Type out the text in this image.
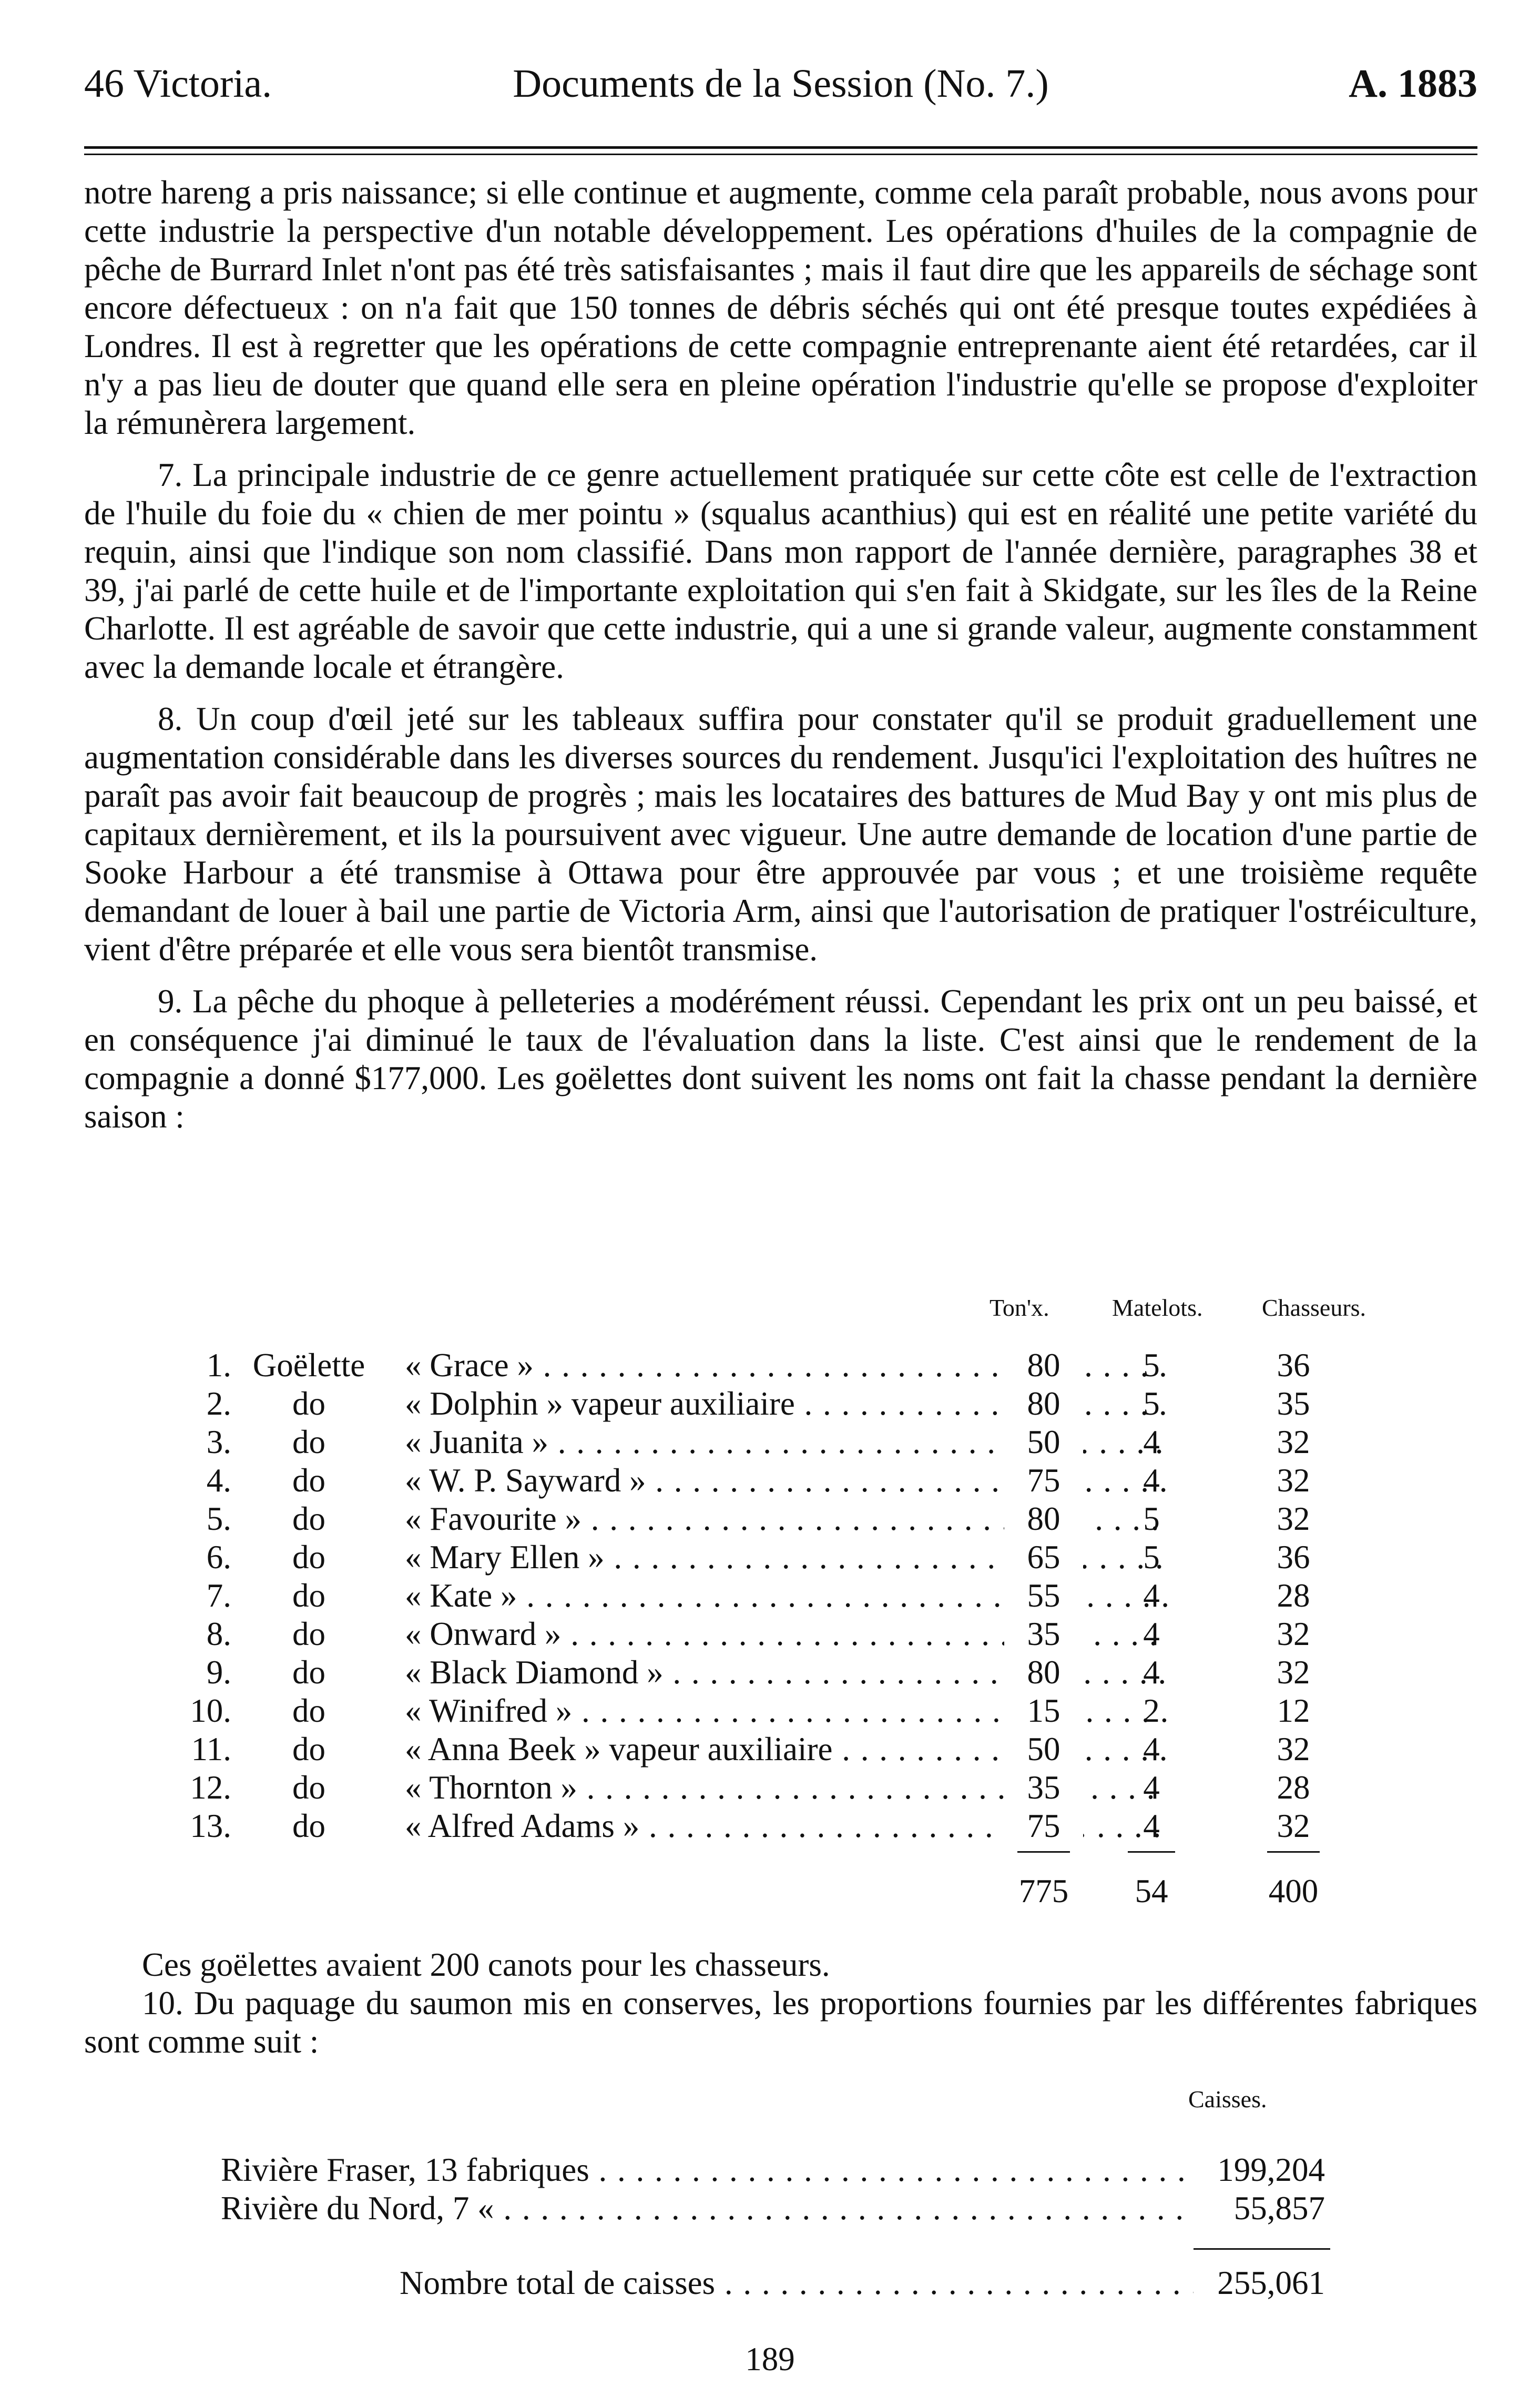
46 Victoria.	Documents de la Session (No. 7.)	A. 1883

notre hareng a pris naissance; si elle continue et augmente, comme cela paraît probable, nous avons pour cette industrie la perspective d'un notable développement. Les opérations d'huiles de la compagnie de pêche de Burrard Inlet n'ont pas été très satisfaisantes ; mais il faut dire que les appareils de séchage sont encore défectueux : on n'a fait que 150 tonnes de débris séchés qui ont été presque toutes expédiées à Londres. Il est à regretter que les opérations de cette compagnie entreprenante aient été retardées, car il n'y a pas lieu de douter que quand elle sera en pleine opération l'industrie qu'elle se propose d'exploiter la rémunèrera largement.

7. La principale industrie de ce genre actuellement pratiquée sur cette côte est celle de l'extraction de l'huile du foie du « chien de mer pointu » (squalus acanthius) qui est en réalité une petite variété du requin, ainsi que l'indique son nom classifié. Dans mon rapport de l'année dernière, paragraphes 38 et 39, j'ai parlé de cette huile et de l'importante exploitation qui s'en fait à Skidgate, sur les îles de la Reine Charlotte. Il est agréable de savoir que cette industrie, qui a une si grande valeur, augmente constamment avec la demande locale et étrangère.

8. Un coup d'œil jeté sur les tableaux suffira pour constater qu'il se produit graduellement une augmentation considérable dans les diverses sources du rendement. Jusqu'ici l'exploitation des huîtres ne paraît pas avoir fait beaucoup de progrès ; mais les locataires des battures de Mud Bay y ont mis plus de capitaux dernièrement, et ils la poursuivent avec vigueur. Une autre demande de location d'une partie de Sooke Harbour a été transmise à Ottawa pour être approuvée par vous ; et une troisième requête demandant de louer à bail une partie de Victoria Arm, ainsi que l'autorisation de pratiquer l'ostréiculture, vient d'être préparée et elle vous sera bientôt transmise.

9. La pêche du phoque à pelleteries a modérément réussi. Cependant les prix ont un peu baissé, et en conséquence j'ai diminué le taux de l'évaluation dans la liste. C'est ainsi que le rendement de la compagnie a donné $177,000. Les goëlettes dont suivent les noms ont fait la chasse pendant la dernière saison :

Ton'x.	Matelots. Chasseurs.
1. Goëlette « Grace » . . .	80	5	36
2.	do	« Dolphin » vapeur auxiliaire . . .	80	5	35
3.	do	« Juanita » . . .	50	4	32
4.	do	« W. P. Sayward » . . .	75	4	32
5.	do	« Favourite » . . .	80	5	32
6.	do	« Mary Ellen » . . .	65	5	36
7.	do	« Kate » . . .	55	4	28
8.	do	« Onward » . . .	35	4	32
9.	do	« Black Diamond » . . .	80	4	32
10.	do	« Winifred » . . .	15	2	12
11.	do	« Anna Beek » vapeur auxiliaire . . .	50	4	32
12.	do	« Thornton » . . .	35	4	28
13.	do	« Alfred Adams » . . .	75	4	32
775	54	400

Ces goëlettes avaient 200 canots pour les chasseurs.

10. Du paquage du saumon mis en conserves, les proportions fournies par les différentes fabriques sont comme suit :

Caisses.
Rivière Fraser, 13 fabriques . . .	199,204
Rivière du Nord, 7 « . . .	55,857
Nombre total de caisses . . .	255,061
189
